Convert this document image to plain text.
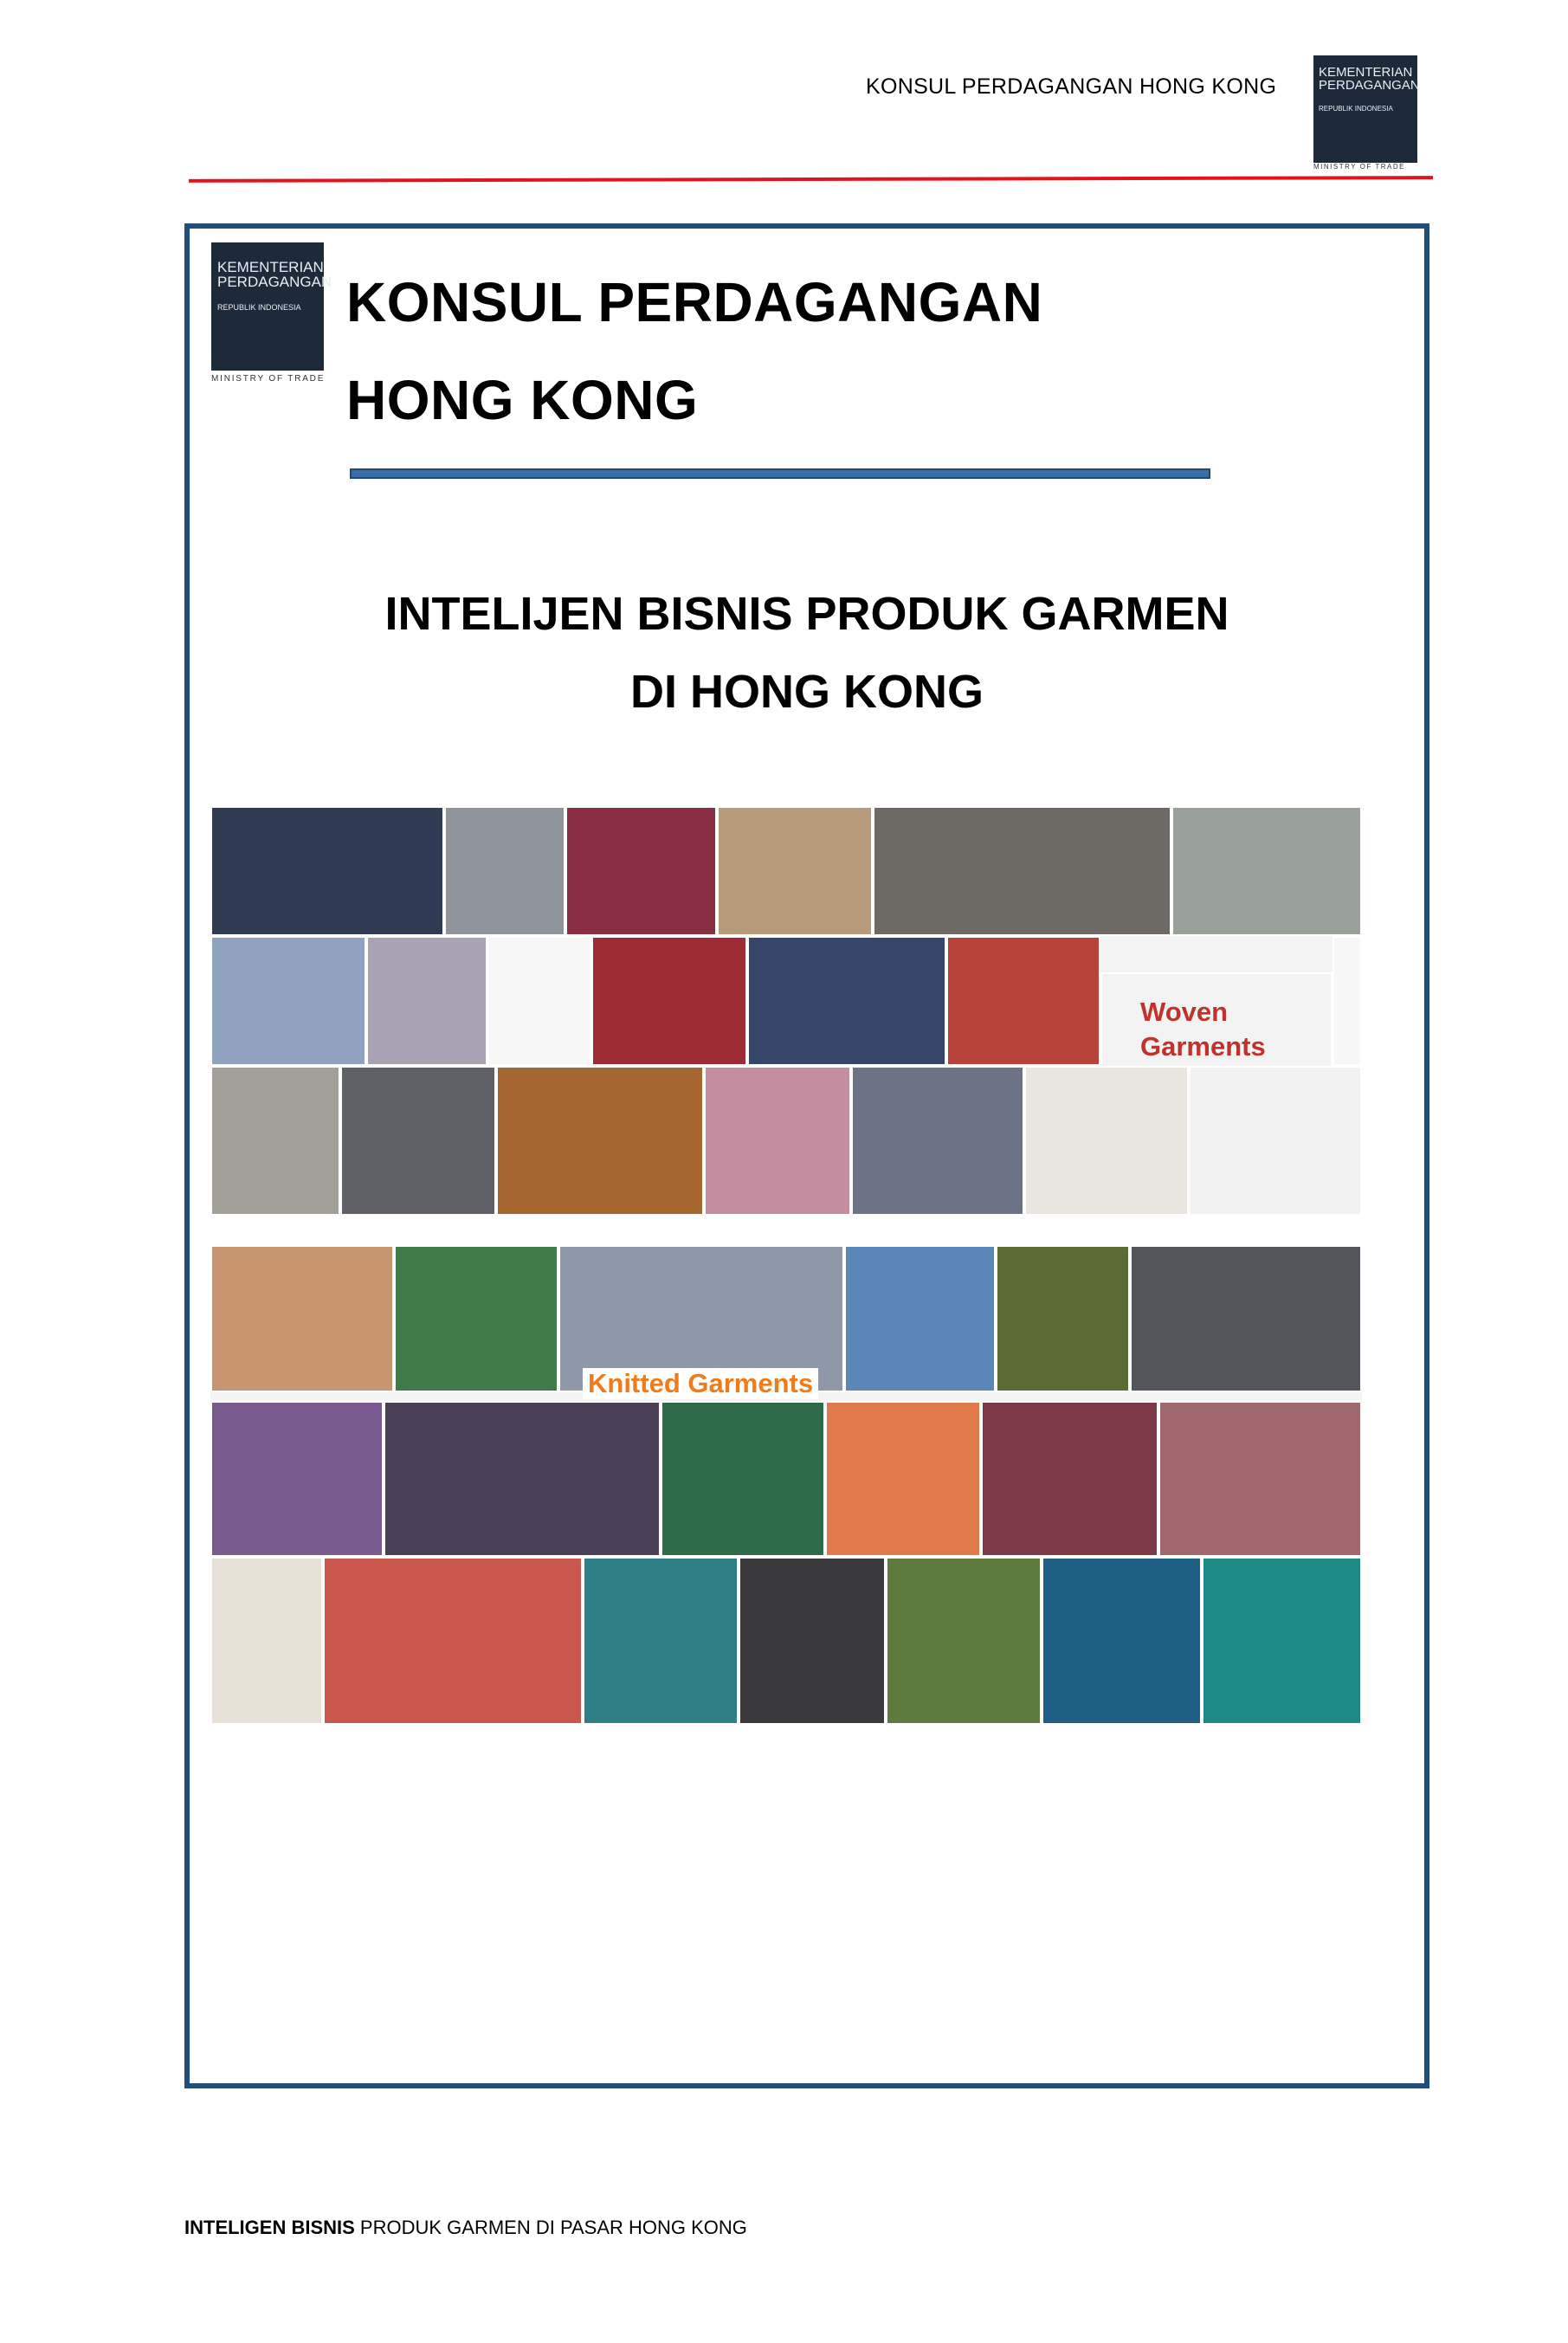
KONSUL PERDAGANGAN HONG KONG
KEMENTERIAN
PERDAGANGAN
REPUBLIK INDONESIA
MINISTRY OF TRADE
KEMENTERIAN
PERDAGANGAN
REPUBLIK INDONESIA
MINISTRY OF TRADE
KONSUL PERDAGANGAN
HONG KONG
INTELIJEN BISNIS PRODUK GARMEN
DI HONG KONG
Woven
Garments
Knitted Garments
INTELIGEN BISNIS PRODUK GARMEN DI PASAR HONG KONG
